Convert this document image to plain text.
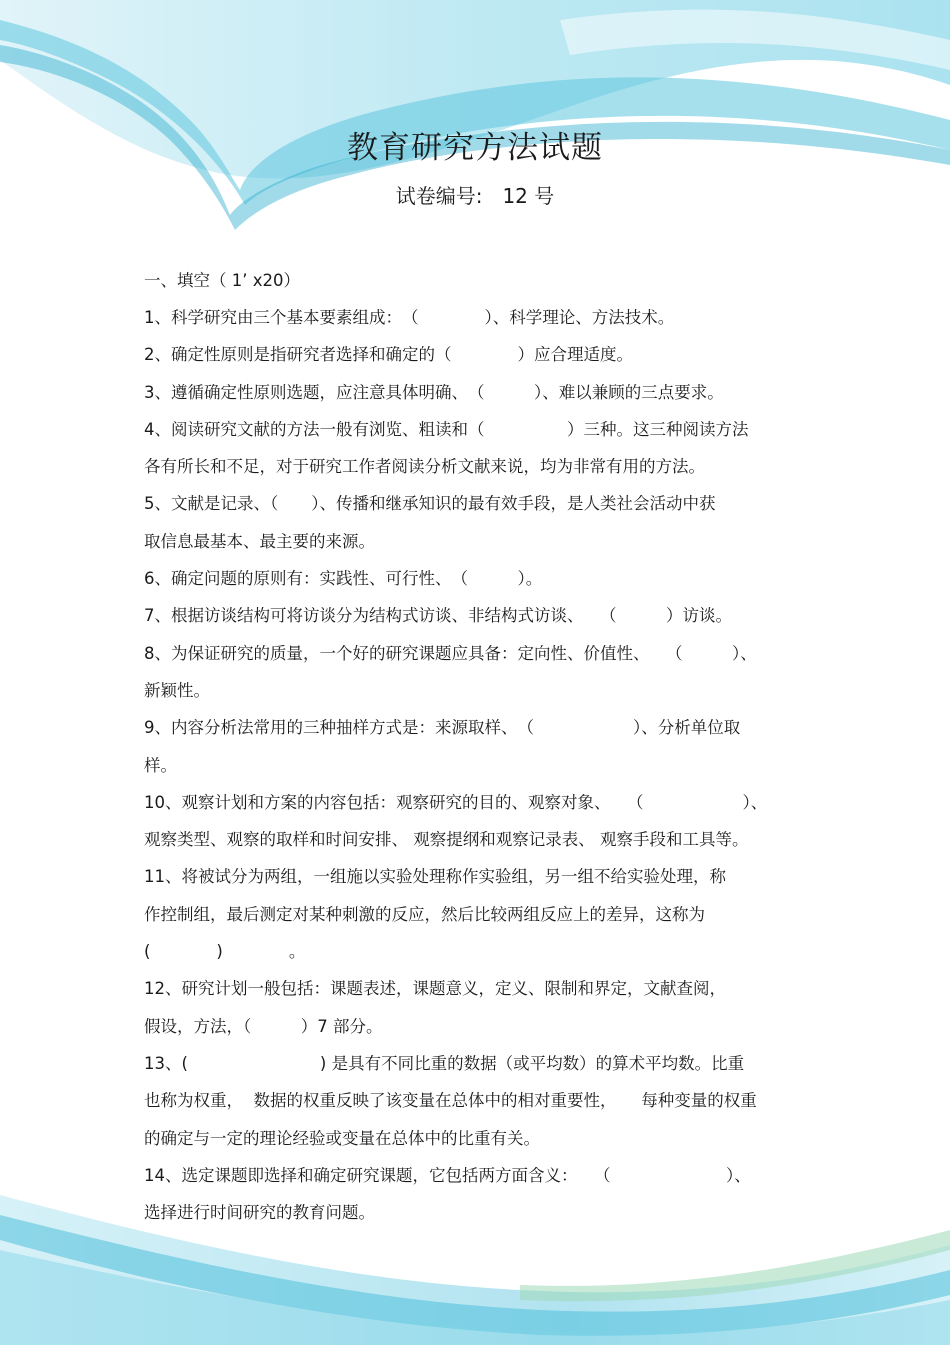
教育研究方法试题
试卷编号:　12 号
一、填空（ 1’ x20）
1、科学研究由三个基本要素组成：　（　　　　）、科学理论、方法技术。
2、确定性原则是指研究者选择和确定的（　　　　）应合理适度。
3、遵循确定性原则选题，应注意具体明确、　（　　　）、难以兼顾的三点要求。
4、阅读研究文献的方法一般有浏览、粗读和（　　　　　）三种。这三种阅读方法
各有所长和不足，对于研究工作者阅读分析文献来说，均为非常有用的方法。
5、文献是记录、（　　）、传播和继承知识的最有效手段，是人类社会活动中获
取信息最基本、最主要的来源。
6、确定问题的原则有：实践性、可行性、　（　　　）。
7、根据访谈结构可将访谈分为结构式访谈、非结构式访谈、　　（　　　）访谈。
8、为保证研究的质量，一个好的研究课题应具备：定向性、价值性、　　（　　　）、
新颖性。
9、内容分析法常用的三种抽样方式是：来源取样、　（　　　　　　）、分析单位取
样。
10、观察计划和方案的内容包括：观察研究的目的、观察对象、　　（　　　　　　）、
观察类型、观察的取样和时间安排、 观察提纲和观察记录表、 观察手段和工具等。
11、将被试分为两组，一组施以实验处理称作实验组，另一组不给实验处理，称
作控制组，最后测定对某种刺激的反应，然后比较两组反应上的差异，这称为
(　　　　)　　　　。
12、研究计划一般包括：课题表述，课题意义，定义、限制和界定，文献查阅，
假设，方法，（　　　）7 部分。
13、(　　　　　　　　) 是具有不同比重的数据（或平均数）的算术平均数。比重
也称为权重，  数据的权重反映了该变量在总体中的相对重要性，　　每种变量的权重
的确定与一定的理论经验或变量在总体中的比重有关。
14、选定课题即选择和确定研究课题，它包括两方面含义：　　（　　　　　　　）、
选择进行时间研究的教育问题。
